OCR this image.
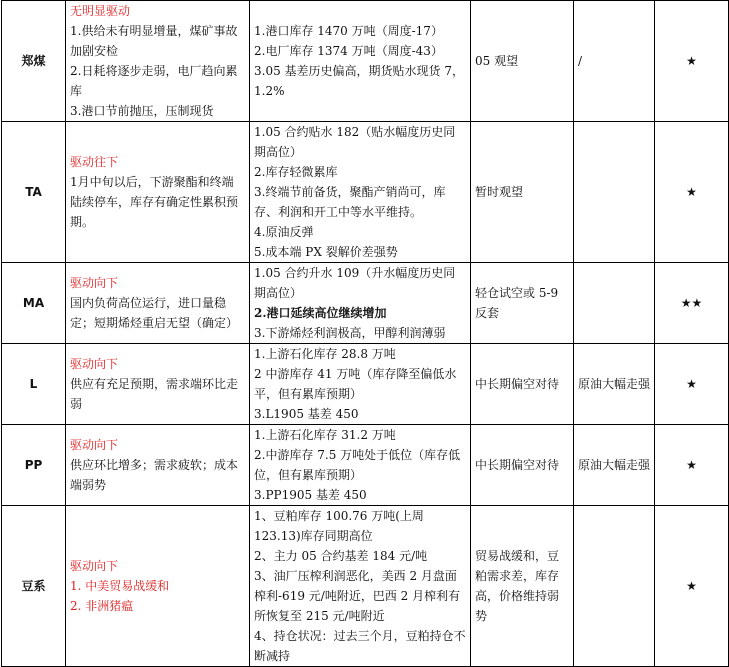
郑煤	无明显驱动
1.供给未有明显增量，煤矿事故加剧安检
2.日耗将逐步走弱，电厂趋向累库
3.港口节前抛压，压制现货	1.港口库存 1470 万吨（周度-17）
2.电厂库存 1374 万吨（周度-43）
3.05 基差历史偏高，期货贴水现货 7，1.2%	05 观望	/	★
TA	驱动往下
1月中旬以后，下游聚酯和终端陆续停车，库存有确定性累积预期。	1.05 合约贴水 182（贴水幅度历史同期高位）
2.库存轻微累库
3.终端节前备货，聚酯产销尚可，库存、利润和开工中等水平维持。
4.原油反弹
5.成本端 PX 裂解价差强势	暂时观望		★
MA	驱动向下
国内负荷高位运行，进口量稳定；短期烯烃重启无望（确定）	1.05 合约升水 109（升水幅度历史同期高位）
2.港口延续高位继续增加
3.下游烯烃利润极高，甲醇利润薄弱	轻仓试空或 5-9 反套		★★
L	驱动向下
供应有充足预期，需求端环比走弱	1.上游石化库存 28.8 万吨
2 中游库存 41 万吨（库存降至偏低水平，但有累库预期）
3.L1905 基差 450	中长期偏空对待	原油大幅走强	★
PP	驱动向下
供应环比增多；需求疲软；成本端弱势	1.上游石化库存 31.2 万吨
2.中游库存 7.5 万吨处于低位（库存低位，但有累库预期）
3.PP1905 基差 450	中长期偏空对待	原油大幅走强	★
豆系	驱动向下
1. 中美贸易战缓和
2. 非洲猪瘟	1、豆粕库存 100.76 万吨(上周 123.13)库存同期高位
2、主力 05 合约基差 184 元/吨
3、油厂压榨利润恶化，美西 2 月盘面榨利-619 元/吨附近，巴西 2 月榨利有所恢复至 215 元/吨附近
4、持仓状况：过去三个月，豆粕持仓不断减持	贸易战缓和，豆粕需求差，库存高，价格维持弱势		★
